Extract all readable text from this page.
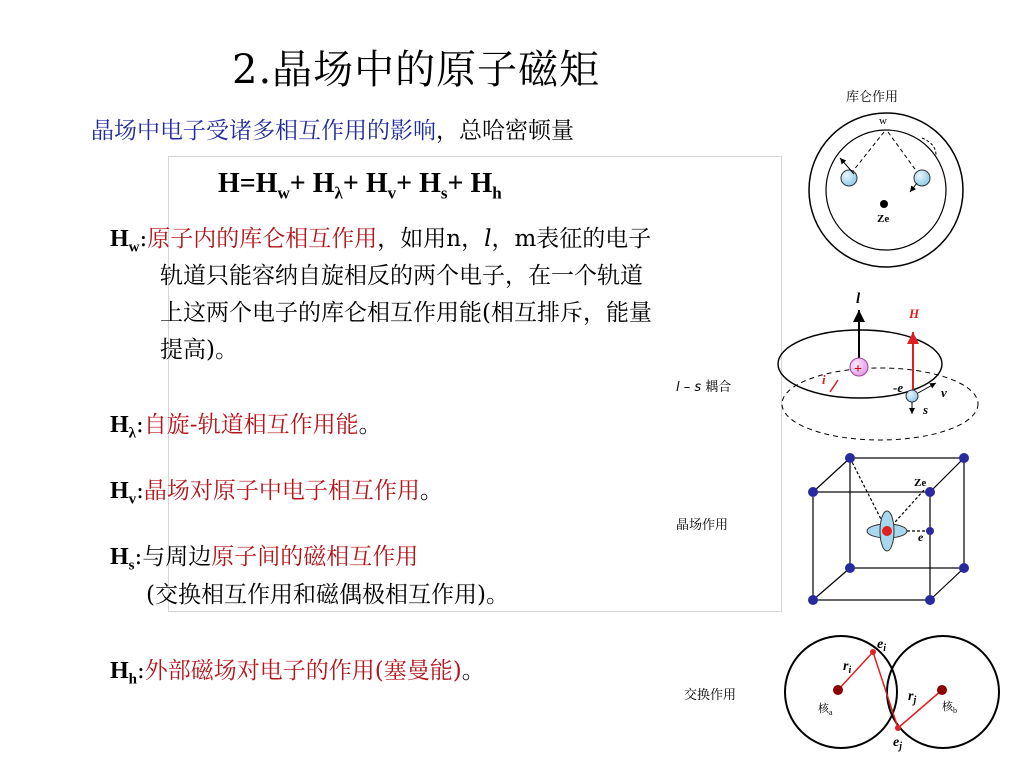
2.晶场中的原子磁矩
晶场中电子受诸多相互作用的影响，总哈密顿量
$H=H_w+ H_\lambda+ H_v+ H_s+ H_h$
$H_w$:原子内的库仑相互作用，如用n，l，m表征的电子
轨道只能容纳自旋相反的两个电子，在一个轨道
上这两个电子的库仑相互作用能(相互排斥，能量
提高)。
$H_\lambda$:自旋-轨道相互作用能。
$H_v$:晶场对原子中电子相互作用。
$H_s$:与周边原子间的磁相互作用
(交换相互作用和磁偶极相互作用)。
$H_h$:外部磁场对电子的作用(塞曼能)。
库仑作用
l – s 耦合
晶场作用
交换作用
Ze
w
l
H
+
i
-e	v
s
Ze
e
$e_i$
$e_j$
$r_i$
$r_j$
核$_a$	核$_b$
